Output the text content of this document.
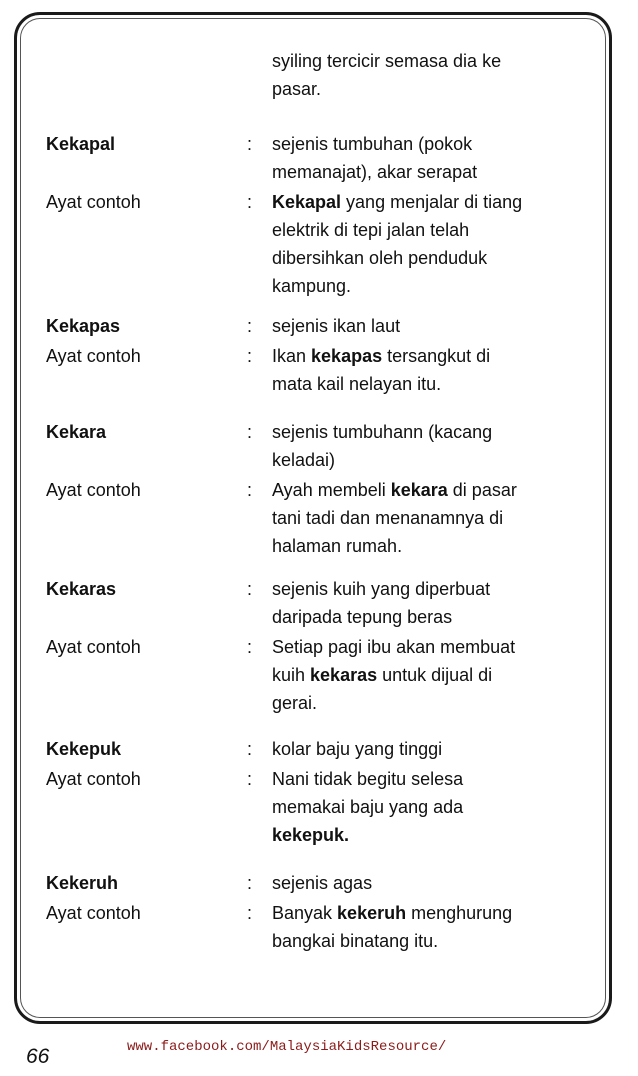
syiling tercicir semasa dia ke
pasar.
Kekapal	: sejenis tumbuhan (pokok
memanajat), akar serapat
Ayat contoh	: Kekapal yang menjalar di tiang
elektrik di tepi jalan telah
dibersihkan oleh penduduk
kampung.
Kekapas	: sejenis ikan laut
Ayat contoh	: Ikan kekapas tersangkut di
mata kail nelayan itu.
Kekara	: sejenis tumbuhann (kacang
keladai)
Ayat contoh	: Ayah membeli kekara di pasar
tani tadi dan menanamnya di
halaman rumah.
Kekaras	: sejenis kuih yang diperbuat
daripada tepung beras
Ayat contoh	: Setiap pagi ibu akan membuat
kuih kekaras untuk dijual di
gerai.
Kekepuk	: kolar baju yang tinggi
Ayat contoh	: Nani tidak begitu selesa
memakai baju yang ada
kekepuk.
Kekeruh	: sejenis agas
Ayat contoh	: Banyak kekeruh menghurung
bangkai binatang itu.
66	www.facebook.com/MalaysiaKidsResource/
